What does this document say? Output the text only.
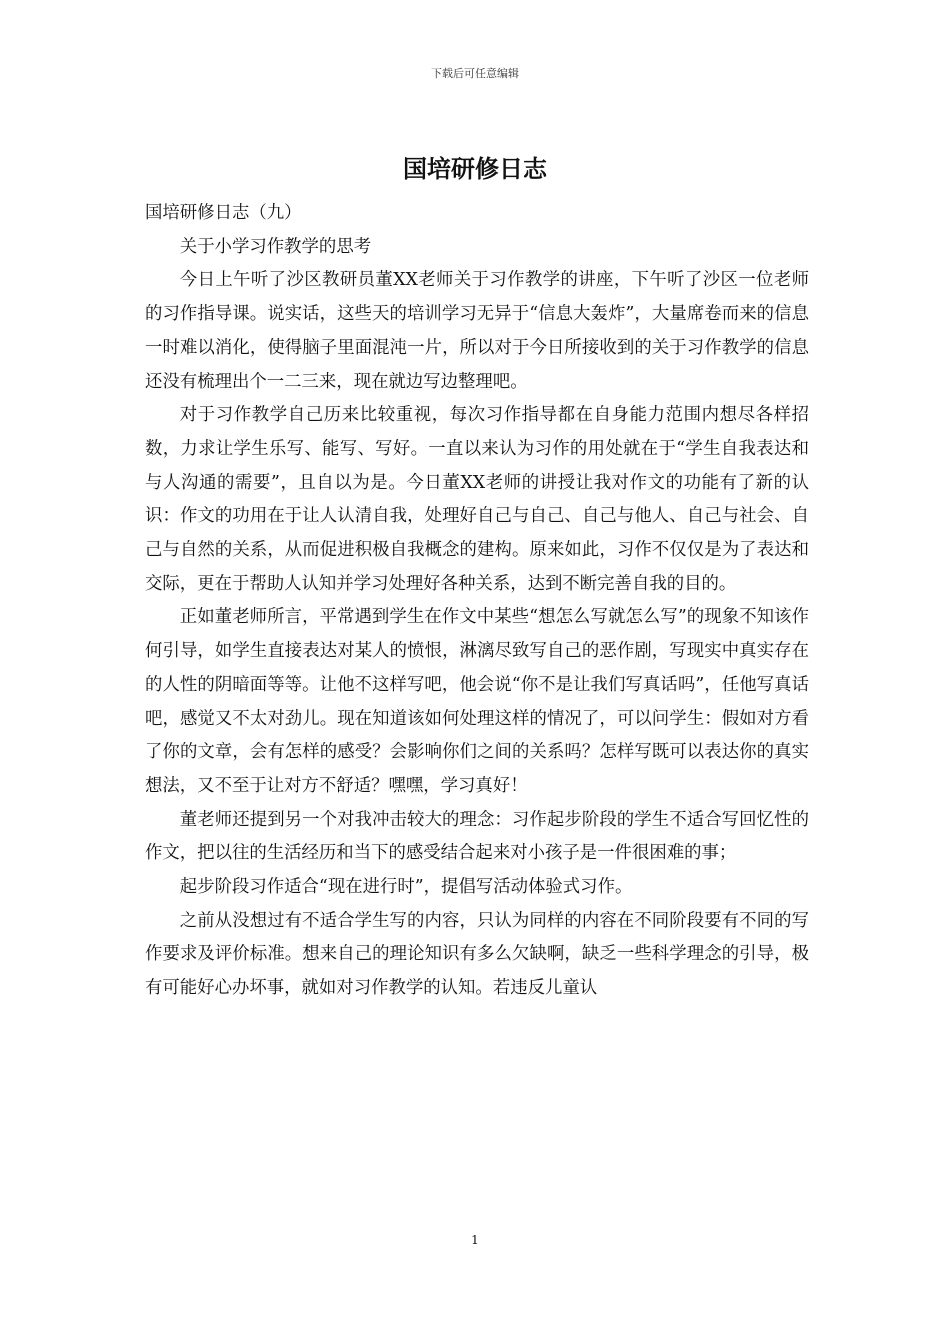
下载后可任意编辑
国培研修日志

国培研修日志（九）

关于小学习作教学的思考

今日上午听了沙区教研员董XX老师关于习作教学的讲座，下午听了沙区一位老师的习作指导课。说实话，这些天的培训学习无异于“信息大轰炸”，大量席卷而来的信息一时难以消化，使得脑子里面混沌一片，所以对于今日所接收到的关于习作教学的信息还没有梳理出个一二三来，现在就边写边整理吧。

对于习作教学自己历来比较重视，每次习作指导都在自身能力范围内想尽各样招数，力求让学生乐写、能写、写好。一直以来认为习作的用处就在于“学生自我表达和与人沟通的需要”，且自以为是。今日董XX老师的讲授让我对作文的功能有了新的认识：作文的功用在于让人认清自我，处理好自己与自己、自己与他人、自己与社会、自己与自然的关系，从而促进积极自我概念的建构。原来如此，习作不仅仅是为了表达和交际，更在于帮助人认知并学习处理好各种关系，达到不断完善自我的目的。

正如董老师所言，平常遇到学生在作文中某些“想怎么写就怎么写”的现象不知该作何引导，如学生直接表达对某人的愤恨，淋漓尽致写自己的恶作剧，写现实中真实存在的人性的阴暗面等等。让他不这样写吧，他会说“你不是让我们写真话吗”，任他写真话吧，感觉又不太对劲儿。现在知道该如何处理这样的情况了，可以问学生：假如对方看了你的文章，会有怎样的感受？会影响你们之间的关系吗？怎样写既可以表达你的真实想法，又不至于让对方不舒适？嘿嘿，学习真好！

董老师还提到另一个对我冲击较大的理念：习作起步阶段的学生不适合写回忆性的作文，把以往的生活经历和当下的感受结合起来对小孩子是一件很困难的事；

起步阶段习作适合“现在进行时”，提倡写活动体验式习作。

之前从没想过有不适合学生写的内容，只认为同样的内容在不同阶段要有不同的写作要求及评价标准。想来自己的理论知识有多么欠缺啊，缺乏一些科学理念的引导，极有可能好心办坏事，就如对习作教学的认知。若违反儿童认

1
